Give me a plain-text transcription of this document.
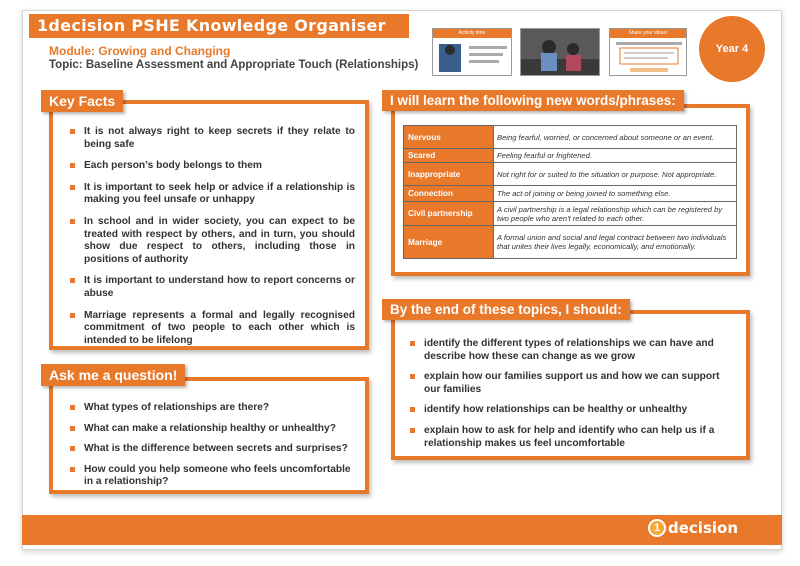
1decision PSHE Knowledge Organiser
Module: Growing and Changing
Topic: Baseline Assessment and Appropriate Touch (Relationships)
Activity time	Share your ideas!
Year 4
Key Facts
It is not always right to keep secrets if they relate to being safe
Each person’s body belongs to them
It is important to seek help or advice if a relationship is making you feel unsafe or unhappy
In school and in wider society, you can expect to be treated with respect by others, and in turn, you should show due respect to others, including those in positions of authority
It is important to understand how to report concerns or abuse
Marriage represents a formal and legally recognised commitment of two people to each other which is intended to be lifelong
I will learn the following new words/phrases:
Nervous	Being fearful, worried, or concerned about someone or an event.
Scared	Feeling fearful or frightened.
Inappropriate	Not right for or suited to the situation or purpose. Not appropriate.
Connection	The act of joining or being joined to something else.
Civil partnership	A civil partnership is a legal relationship which can be registered by two people who aren't related to each other.
Marriage	A formal union and social and legal contract between two individuals that unites their lives legally, economically, and emotionally.
Ask me a question!
What types of relationships are there?
What can make a relationship healthy or unhealthy?
What is the difference between secrets and surprises?
How could you help someone who feels uncomfortable in a relationship?
By the end of these topics, I should:
identify the different types of relationships we can have and describe how these can change as we grow
explain how our families support us and how we can support our families
identify how relationships can be healthy or unhealthy
explain how to ask for help and identify who can help us if a relationship makes us feel uncomfortable
1 decision
